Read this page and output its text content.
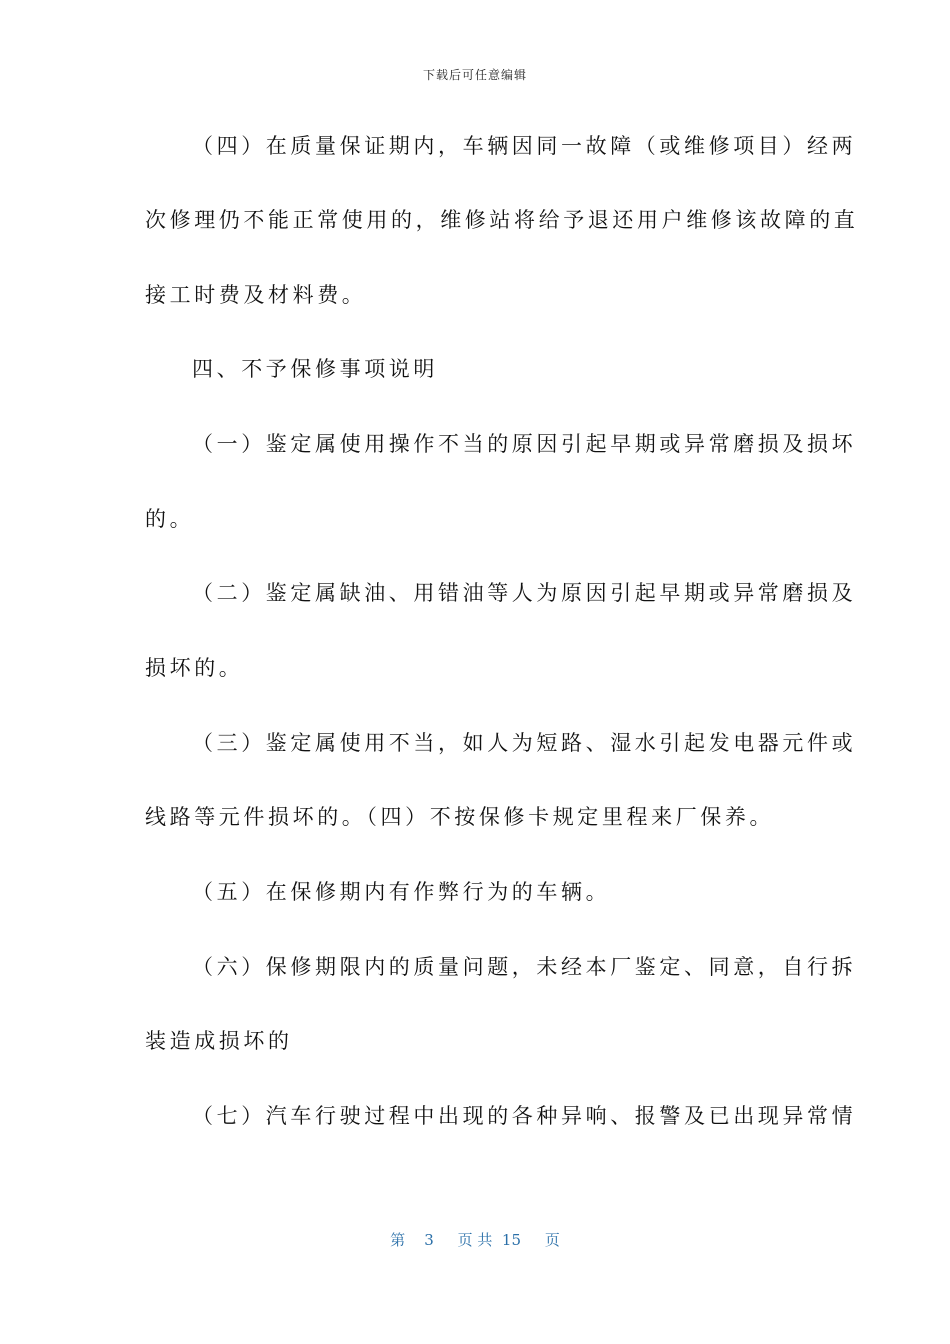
下载后可任意编辑
（四）在质量保证期内，车辆因同一故障（或维修项目）经两
次修理仍不能正常使用的，维修站将给予退还用户维修该故障的直
接工时费及材料费。
四、不予保修事项说明
（一）鉴定属使用操作不当的原因引起早期或异常磨损及损坏
的。
（二）鉴定属缺油、用错油等人为原因引起早期或异常磨损及
损坏的。
（三）鉴定属使用不当，如人为短路、湿水引起发电器元件或
线路等元件损坏的。（四）不按保修卡规定里程来厂保养。
（五）在保修期内有作弊行为的车辆。
（六）保修期限内的质量问题，未经本厂鉴定、同意，自行拆
装造成损坏的
（七）汽车行驶过程中出现的各种异响、报警及已出现异常情
第 3 页 共 15 页
